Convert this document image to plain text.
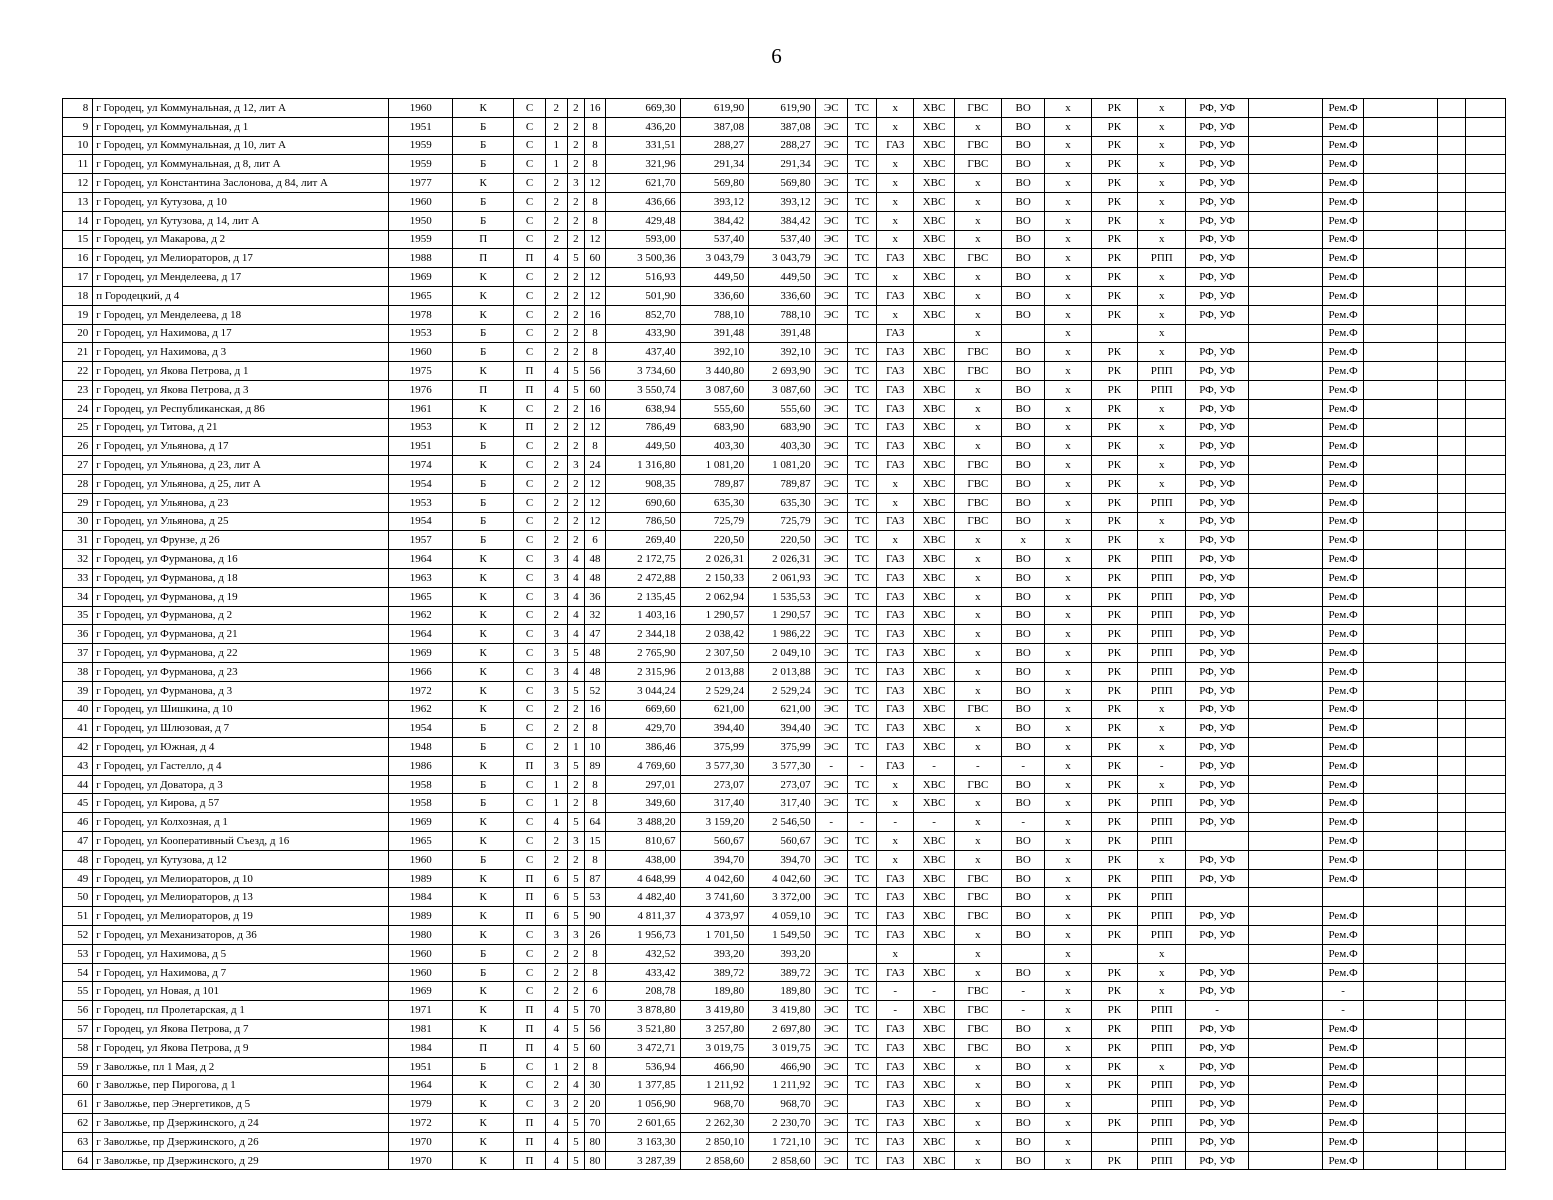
6
8	г Городец, ул Коммунальная, д 12, лит А	1960	К	С	2	2	16	669,30	619,90	619,90	ЭС	ТС	х	ХВС	ГВС	ВО	х	РК	х	РФ, УФ		Рем.Ф			
9	г Городец, ул Коммунальная, д 1	1951	Б	С	2	2	8	436,20	387,08	387,08	ЭС	ТС	х	ХВС	х	ВО	х	РК	х	РФ, УФ		Рем.Ф			
10	г Городец, ул Коммунальная, д 10, лит А	1959	Б	С	1	2	8	331,51	288,27	288,27	ЭС	ТС	ГАЗ	ХВС	ГВС	ВО	х	РК	х	РФ, УФ		Рем.Ф			
11	г Городец, ул Коммунальная, д 8, лит А	1959	Б	С	1	2	8	321,96	291,34	291,34	ЭС	ТС	х	ХВС	ГВС	ВО	х	РК	х	РФ, УФ		Рем.Ф			
12	г Городец, ул Константина Заслонова, д 84, лит А	1977	К	С	2	3	12	621,70	569,80	569,80	ЭС	ТС	х	ХВС	х	ВО	х	РК	х	РФ, УФ		Рем.Ф			
13	г Городец, ул Кутузова, д 10	1960	Б	С	2	2	8	436,66	393,12	393,12	ЭС	ТС	х	ХВС	х	ВО	х	РК	х	РФ, УФ		Рем.Ф			
14	г Городец, ул Кутузова, д 14, лит А	1950	Б	С	2	2	8	429,48	384,42	384,42	ЭС	ТС	х	ХВС	х	ВО	х	РК	х	РФ, УФ		Рем.Ф			
15	г Городец, ул Макарова, д 2	1959	П	С	2	2	12	593,00	537,40	537,40	ЭС	ТС	х	ХВС	х	ВО	х	РК	х	РФ, УФ		Рем.Ф			
16	г Городец, ул Мелиораторов, д 17	1988	П	П	4	5	60	3 500,36	3 043,79	3 043,79	ЭС	ТС	ГАЗ	ХВС	ГВС	ВО	х	РК	РПП	РФ, УФ		Рем.Ф			
17	г Городец, ул Менделеева, д 17	1969	К	С	2	2	12	516,93	449,50	449,50	ЭС	ТС	х	ХВС	х	ВО	х	РК	х	РФ, УФ		Рем.Ф			
18	п Городецкий, д 4	1965	К	С	2	2	12	501,90	336,60	336,60	ЭС	ТС	ГАЗ	ХВС	х	ВО	х	РК	х	РФ, УФ		Рем.Ф			
19	г Городец, ул Менделеева, д 18	1978	К	С	2	2	16	852,70	788,10	788,10	ЭС	ТС	х	ХВС	х	ВО	х	РК	х	РФ, УФ		Рем.Ф			
20	г Городец, ул Нахимова, д 17	1953	Б	С	2	2	8	433,90	391,48	391,48			ГАЗ		х		х		х			Рем.Ф			
21	г Городец, ул Нахимова, д 3	1960	Б	С	2	2	8	437,40	392,10	392,10	ЭС	ТС	ГАЗ	ХВС	ГВС	ВО	х	РК	х	РФ, УФ		Рем.Ф			
22	г Городец, ул Якова Петрова, д 1	1975	К	П	4	5	56	3 734,60	3 440,80	2 693,90	ЭС	ТС	ГАЗ	ХВС	ГВС	ВО	х	РК	РПП	РФ, УФ		Рем.Ф			
23	г Городец, ул Якова Петрова, д 3	1976	П	П	4	5	60	3 550,74	3 087,60	3 087,60	ЭС	ТС	ГАЗ	ХВС	х	ВО	х	РК	РПП	РФ, УФ		Рем.Ф			
24	г Городец, ул Республиканская, д 86	1961	К	С	2	2	16	638,94	555,60	555,60	ЭС	ТС	ГАЗ	ХВС	х	ВО	х	РК	х	РФ, УФ		Рем.Ф			
25	г Городец, ул Титова, д 21	1953	К	П	2	2	12	786,49	683,90	683,90	ЭС	ТС	ГАЗ	ХВС	х	ВО	х	РК	х	РФ, УФ		Рем.Ф			
26	г Городец, ул Ульянова, д 17	1951	Б	С	2	2	8	449,50	403,30	403,30	ЭС	ТС	ГАЗ	ХВС	х	ВО	х	РК	х	РФ, УФ		Рем.Ф			
27	г Городец, ул Ульянова, д 23, лит А	1974	К	С	2	3	24	1 316,80	1 081,20	1 081,20	ЭС	ТС	ГАЗ	ХВС	ГВС	ВО	х	РК	х	РФ, УФ		Рем.Ф			
28	г Городец, ул Ульянова, д 25, лит А	1954	Б	С	2	2	12	908,35	789,87	789,87	ЭС	ТС	х	ХВС	ГВС	ВО	х	РК	х	РФ, УФ		Рем.Ф			
29	г Городец, ул Ульянова, д 23	1953	Б	С	2	2	12	690,60	635,30	635,30	ЭС	ТС	х	ХВС	ГВС	ВО	х	РК	РПП	РФ, УФ		Рем.Ф			
30	г Городец, ул Ульянова, д 25	1954	Б	С	2	2	12	786,50	725,79	725,79	ЭС	ТС	ГАЗ	ХВС	ГВС	ВО	х	РК	х	РФ, УФ		Рем.Ф			
31	г Городец, ул Фрунзе, д 26	1957	Б	С	2	2	6	269,40	220,50	220,50	ЭС	ТС	х	ХВС	х	х	х	РК	х	РФ, УФ		Рем.Ф			
32	г Городец, ул Фурманова, д 16	1964	К	С	3	4	48	2 172,75	2 026,31	2 026,31	ЭС	ТС	ГАЗ	ХВС	х	ВО	х	РК	РПП	РФ, УФ		Рем.Ф			
33	г Городец, ул Фурманова, д 18	1963	К	С	3	4	48	2 472,88	2 150,33	2 061,93	ЭС	ТС	ГАЗ	ХВС	х	ВО	х	РК	РПП	РФ, УФ		Рем.Ф			
34	г Городец, ул Фурманова, д 19	1965	К	С	3	4	36	2 135,45	2 062,94	1 535,53	ЭС	ТС	ГАЗ	ХВС	х	ВО	х	РК	РПП	РФ, УФ		Рем.Ф			
35	г Городец, ул Фурманова, д 2	1962	К	С	2	4	32	1 403,16	1 290,57	1 290,57	ЭС	ТС	ГАЗ	ХВС	х	ВО	х	РК	РПП	РФ, УФ		Рем.Ф			
36	г Городец, ул Фурманова, д 21	1964	К	С	3	4	47	2 344,18	2 038,42	1 986,22	ЭС	ТС	ГАЗ	ХВС	х	ВО	х	РК	РПП	РФ, УФ		Рем.Ф			
37	г Городец, ул Фурманова, д 22	1969	К	С	3	5	48	2 765,90	2 307,50	2 049,10	ЭС	ТС	ГАЗ	ХВС	х	ВО	х	РК	РПП	РФ, УФ		Рем.Ф			
38	г Городец, ул Фурманова, д 23	1966	К	С	3	4	48	2 315,96	2 013,88	2 013,88	ЭС	ТС	ГАЗ	ХВС	х	ВО	х	РК	РПП	РФ, УФ		Рем.Ф			
39	г Городец, ул Фурманова, д 3	1972	К	С	3	5	52	3 044,24	2 529,24	2 529,24	ЭС	ТС	ГАЗ	ХВС	х	ВО	х	РК	РПП	РФ, УФ		Рем.Ф			
40	г Городец, ул Шишкина, д 10	1962	К	С	2	2	16	669,60	621,00	621,00	ЭС	ТС	ГАЗ	ХВС	ГВС	ВО	х	РК	х	РФ, УФ		Рем.Ф			
41	г Городец, ул Шлюзовая, д 7	1954	Б	С	2	2	8	429,70	394,40	394,40	ЭС	ТС	ГАЗ	ХВС	х	ВО	х	РК	х	РФ, УФ		Рем.Ф			
42	г Городец, ул Южная, д 4	1948	Б	С	2	1	10	386,46	375,99	375,99	ЭС	ТС	ГАЗ	ХВС	х	ВО	х	РК	х	РФ, УФ		Рем.Ф			
43	г Городец, ул Гастелло, д 4	1986	К	П	3	5	89	4 769,60	3 577,30	3 577,30	-	-	ГАЗ	-	-	-	х	РК	-	РФ, УФ		Рем.Ф			
44	г Городец, ул Доватора, д 3	1958	Б	С	1	2	8	297,01	273,07	273,07	ЭС	ТС	х	ХВС	ГВС	ВО	х	РК	х	РФ, УФ		Рем.Ф			
45	г Городец, ул Кирова, д 57	1958	Б	С	1	2	8	349,60	317,40	317,40	ЭС	ТС	х	ХВС	х	ВО	х	РК	РПП	РФ, УФ		Рем.Ф			
46	г Городец, ул Колхозная, д 1	1969	К	С	4	5	64	3 488,20	3 159,20	2 546,50	-	-	-	-	х	-	х	РК	РПП	РФ, УФ		Рем.Ф			
47	г Городец, ул Кооперативный Съезд, д 16	1965	К	С	2	3	15	810,67	560,67	560,67	ЭС	ТС	х	ХВС	х	ВО	х	РК	РПП			Рем.Ф			
48	г Городец, ул Кутузова, д 12	1960	Б	С	2	2	8	438,00	394,70	394,70	ЭС	ТС	х	ХВС	х	ВО	х	РК	х	РФ, УФ		Рем.Ф			
49	г Городец, ул Мелиораторов, д 10	1989	К	П	6	5	87	4 648,99	4 042,60	4 042,60	ЭС	ТС	ГАЗ	ХВС	ГВС	ВО	х	РК	РПП	РФ, УФ		Рем.Ф			
50	г Городец, ул Мелиораторов, д 13	1984	К	П	6	5	53	4 482,40	3 741,60	3 372,00	ЭС	ТС	ГАЗ	ХВС	ГВС	ВО	х	РК	РПП						
51	г Городец, ул Мелиораторов, д 19	1989	К	П	6	5	90	4 811,37	4 373,97	4 059,10	ЭС	ТС	ГАЗ	ХВС	ГВС	ВО	х	РК	РПП	РФ, УФ		Рем.Ф			
52	г Городец, ул Механизаторов, д 36	1980	К	С	3	3	26	1 956,73	1 701,50	1 549,50	ЭС	ТС	ГАЗ	ХВС	х	ВО	х	РК	РПП	РФ, УФ		Рем.Ф			
53	г Городец, ул Нахимова, д 5	1960	Б	С	2	2	8	432,52	393,20	393,20			х		х		х		х			Рем.Ф			
54	г Городец, ул Нахимова, д 7	1960	Б	С	2	2	8	433,42	389,72	389,72	ЭС	ТС	ГАЗ	ХВС	х	ВО	х	РК	х	РФ, УФ		Рем.Ф			
55	г Городец, ул Новая, д 101	1969	К	С	2	2	6	208,78	189,80	189,80	ЭС	ТС	-	-	ГВС	-	х	РК	х	РФ, УФ		-			
56	г Городец, пл Пролетарская, д 1	1971	К	П	4	5	70	3 878,80	3 419,80	3 419,80	ЭС	ТС	-	ХВС	ГВС	-	х	РК	РПП	-		-			
57	г Городец, ул Якова Петрова, д 7	1981	К	П	4	5	56	3 521,80	3 257,80	2 697,80	ЭС	ТС	ГАЗ	ХВС	ГВС	ВО	х	РК	РПП	РФ, УФ		Рем.Ф			
58	г Городец, ул Якова Петрова, д 9	1984	П	П	4	5	60	3 472,71	3 019,75	3 019,75	ЭС	ТС	ГАЗ	ХВС	ГВС	ВО	х	РК	РПП	РФ, УФ		Рем.Ф			
59	г Заволжье, пл 1 Мая, д 2	1951	Б	С	1	2	8	536,94	466,90	466,90	ЭС	ТС	ГАЗ	ХВС	х	ВО	х	РК	х	РФ, УФ		Рем.Ф			
60	г Заволжье, пер Пирогова, д 1	1964	К	С	2	4	30	1 377,85	1 211,92	1 211,92	ЭС	ТС	ГАЗ	ХВС	х	ВО	х	РК	РПП	РФ, УФ		Рем.Ф			
61	г Заволжье, пер Энергетиков, д 5	1979	К	С	3	2	20	1 056,90	968,70	968,70	ЭС		ГАЗ	ХВС	х	ВО	х		РПП	РФ, УФ		Рем.Ф			
62	г Заволжье, пр Дзержинского, д 24	1972	К	П	4	5	70	2 601,65	2 262,30	2 230,70	ЭС	ТС	ГАЗ	ХВС	х	ВО	х	РК	РПП	РФ, УФ		Рем.Ф			
63	г Заволжье, пр Дзержинского, д 26	1970	К	П	4	5	80	3 163,30	2 850,10	1 721,10	ЭС	ТС	ГАЗ	ХВС	х	ВО	х		РПП	РФ, УФ		Рем.Ф			
64	г Заволжье, пр Дзержинского, д 29	1970	К	П	4	5	80	3 287,39	2 858,60	2 858,60	ЭС	ТС	ГАЗ	ХВС	х	ВО	х	РК	РПП	РФ, УФ		Рем.Ф			
